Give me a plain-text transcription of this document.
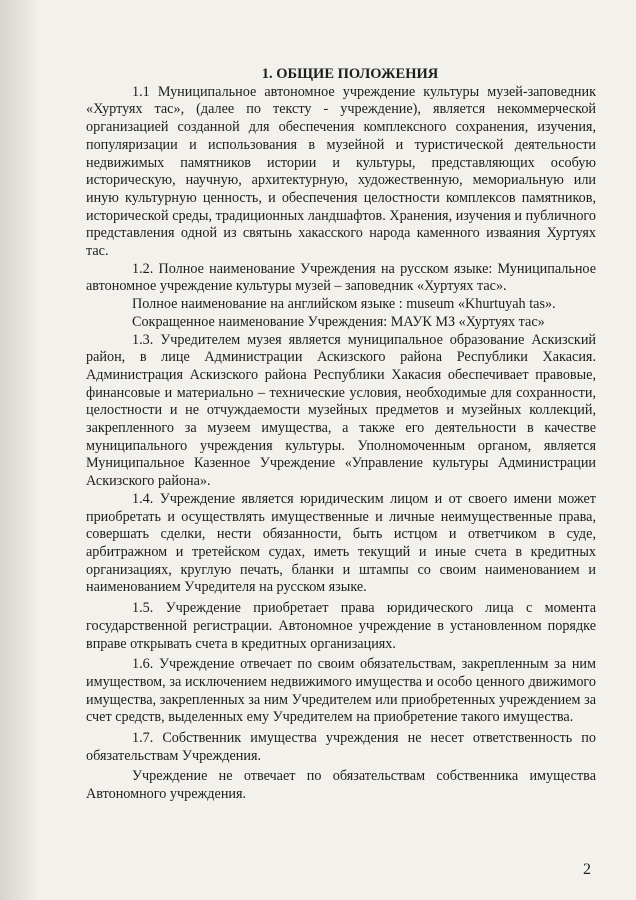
1. ОБЩИЕ ПОЛОЖЕНИЯ

1.1 Муниципальное автономное учреждение культуры музей-заповедник «Хуртуях тас», (далее по тексту - учреждение), является некоммерческой организацией созданной для обеспечения комплексного сохранения, изучения, популяризации и использования в музейной и туристической деятельности недвижимых памятников истории и культуры, представляющих особую историческую, научную, архитектурную, художественную, мемориальную или иную культурную ценность, и обеспечения целостности комплексов памятников, исторической среды, традиционных ландшафтов. Хранения, изучения и публичного представления одной из святынь хакасского народа каменного изваяния Хуртуях тас.

1.2. Полное наименование Учреждения на русском языке: Муниципальное автономное учреждение культуры музей – заповедник «Хуртуях тас».

Полное наименование на английском языке : museum «Khurtuyah tas».

Сокращенное наименование Учреждения: МАУК МЗ «Хуртуях тас»

1.3. Учредителем музея является муниципальное образование Аскизский район, в лице Администрации Аскизского района Республики Хакасия. Администрация Аскизского района Республики Хакасия обеспечивает правовые, финансовые и материально – технические условия, необходимые для сохранности, целостности и не отчуждаемости музейных предметов и музейных коллекций, закрепленного за музеем имущества, а также его деятельности в качестве муниципального учреждения культуры. Уполномоченным органом, является Муниципальное Казенное Учреждение «Управление культуры Администрации Аскизского района».

1.4. Учреждение является юридическим лицом и от своего имени может приобретать и осуществлять имущественные и личные неимущественные права, совершать сделки, нести обязанности, быть истцом и ответчиком в суде, арбитражном и третейском судах, иметь текущий и иные счета в кредитных организациях, круглую печать, бланки и штампы со своим наименованием и наименованием Учредителя на русском языке.

1.5. Учреждение приобретает права юридического лица с момента государственной регистрации. Автономное учреждение в установленном порядке вправе открывать счета в кредитных организациях.

1.6. Учреждение отвечает по своим обязательствам, закрепленным за ним имуществом, за исключением недвижимого имущества и особо ценного движимого имущества, закрепленных за ним Учредителем или приобретенных учреждением за счет средств, выделенных ему Учредителем на приобретение такого имущества.

1.7. Собственник имущества учреждения не несет ответственность по обязательствам Учреждения.

Учреждение не отвечает по обязательствам собственника имущества Автономного учреждения.

2
